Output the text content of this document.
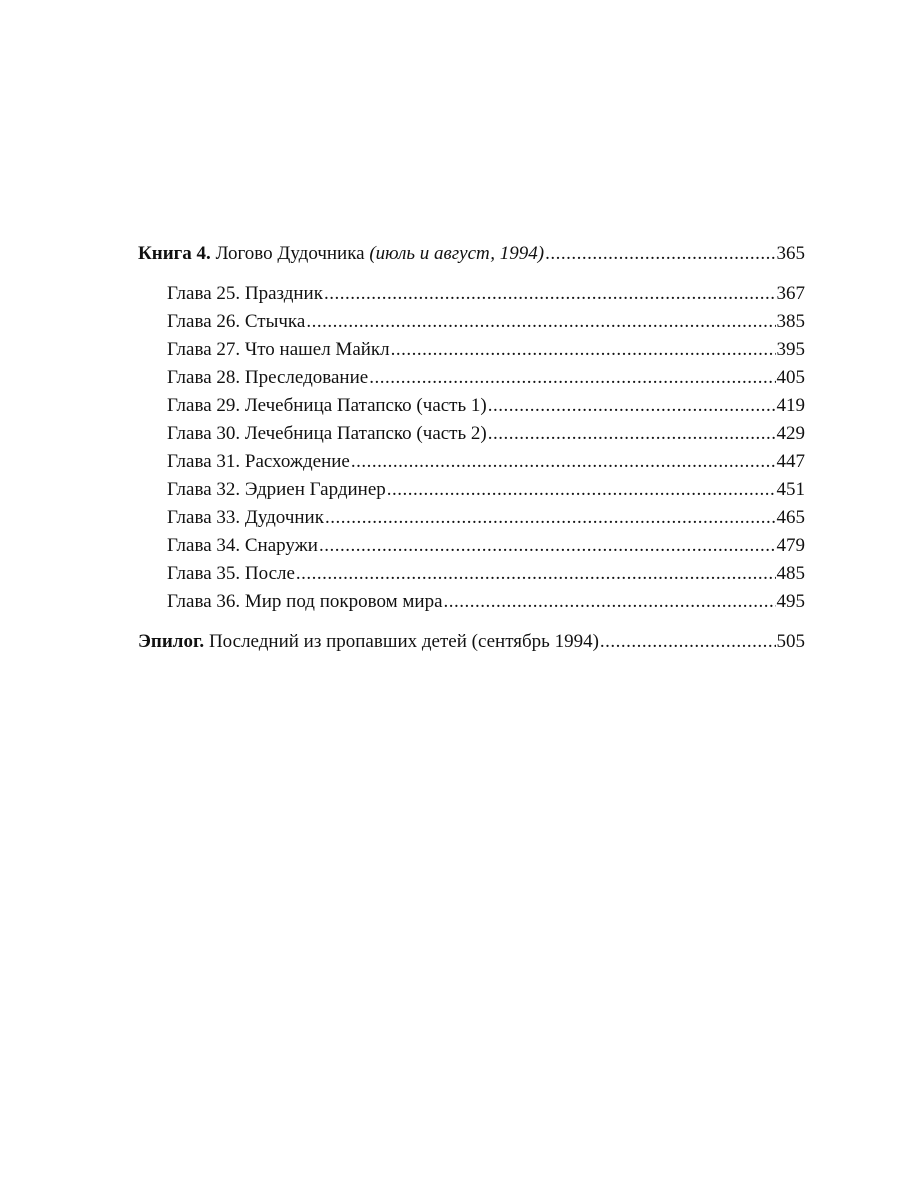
Книга 4. Логово Дудочника (июль и август, 1994) .....	365
Глава 25. Праздник .....	367
Глава 26. Стычка .....	385
Глава 27. Что нашел Майкл .....	395
Глава 28. Преследование .....	405
Глава 29. Лечебница Патапско (часть 1) .....	419
Глава 30. Лечебница Патапско (часть 2) .....	429
Глава 31. Расхождение .....	447
Глава 32. Эдриен Гардинер .....	451
Глава 33. Дудочник .....	465
Глава 34. Снаружи .....	479
Глава 35. После .....	485
Глава 36. Мир под покровом мира .....	495
Эпилог. Последний из пропавших детей (сентябрь 1994) .....	505
